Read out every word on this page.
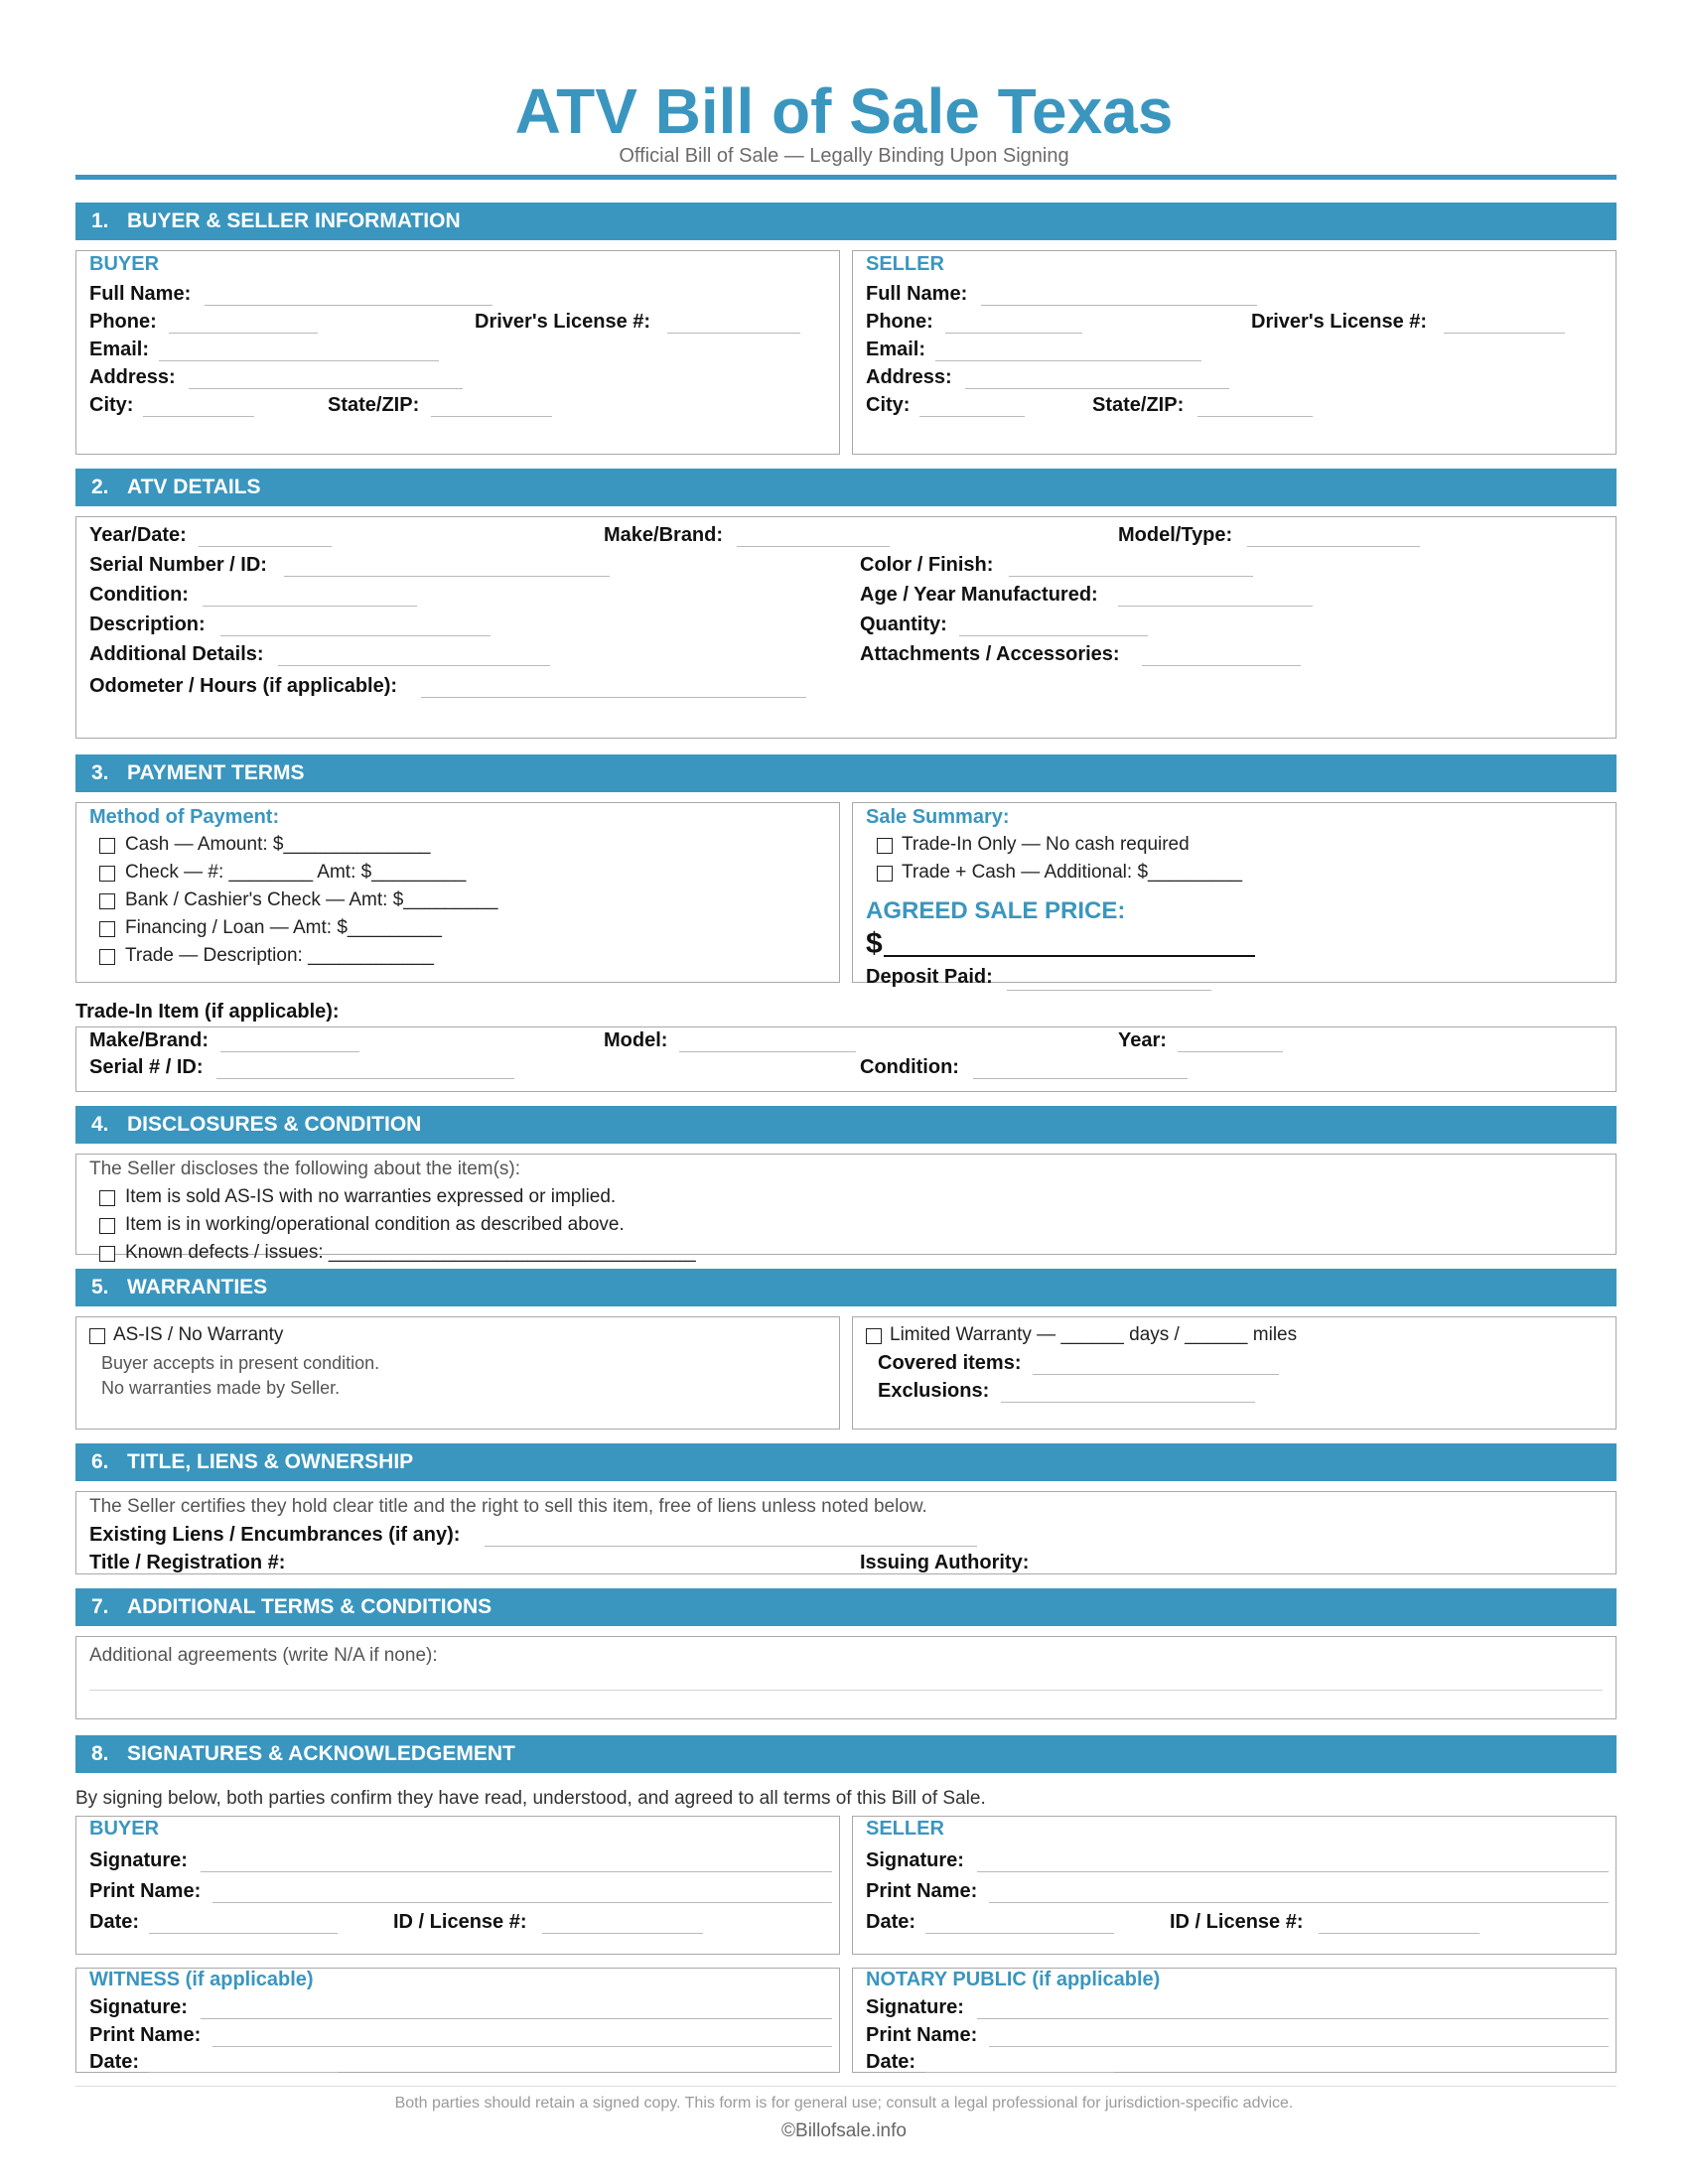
ATV Bill of Sale Texas
Official Bill of Sale — Legally Binding Upon Signing
1. BUYER & SELLER INFORMATION
BUYER
Full Name:
Phone:	Driver's License #:
Email:
Address:
City:	State/ZIP:
SELLER
Full Name:
Phone:	Driver's License #:
Email:
Address:
City:	State/ZIP:
2. ATV DETAILS
Year/Date:	Make/Brand:	Model/Type:
Serial Number / ID:	Color / Finish:
Condition:	Age / Year Manufactured:
Description:	Quantity:
Additional Details:	Attachments / Accessories:
Odometer / Hours (if applicable):
3. PAYMENT TERMS
Method of Payment:
Cash — Amount: $______________
Check — #: ________ Amt: $_________
Bank / Cashier's Check — Amt: $_________
Financing / Loan — Amt: $_________
Trade — Description: ____________
Sale Summary:
Trade-In Only — No cash required
Trade + Cash — Additional: $_________
AGREED SALE PRICE:
$
Deposit Paid:
Trade-In Item (if applicable):
Make/Brand:	Model:	Year:
Serial # / ID:	Condition:
4. DISCLOSURES & CONDITION
The Seller discloses the following about the item(s):
Item is sold AS-IS with no warranties expressed or implied.
Item is in working/operational condition as described above.
Known defects / issues: ___________________________________
5. WARRANTIES
AS-IS / No Warranty
Buyer accepts in present condition.
No warranties made by Seller.
Limited Warranty — ______ days / ______ miles
Covered items:
Exclusions:
6. TITLE, LIENS & OWNERSHIP
The Seller certifies they hold clear title and the right to sell this item, free of liens unless noted below.
Existing Liens / Encumbrances (if any):
Title / Registration #:	Issuing Authority:
7. ADDITIONAL TERMS & CONDITIONS
Additional agreements (write N/A if none):
8. SIGNATURES & ACKNOWLEDGEMENT
By signing below, both parties confirm they have read, understood, and agreed to all terms of this Bill of Sale.
BUYER
Signature:
Print Name:
Date:	ID / License #:
SELLER
Signature:
Print Name:
Date:	ID / License #:
WITNESS (if applicable)
Signature:
Print Name:
Date:
NOTARY PUBLIC (if applicable)
Signature:
Print Name:
Date:
Both parties should retain a signed copy. This form is for general use; consult a legal professional for jurisdiction-specific advice.
©Billofsale.info
